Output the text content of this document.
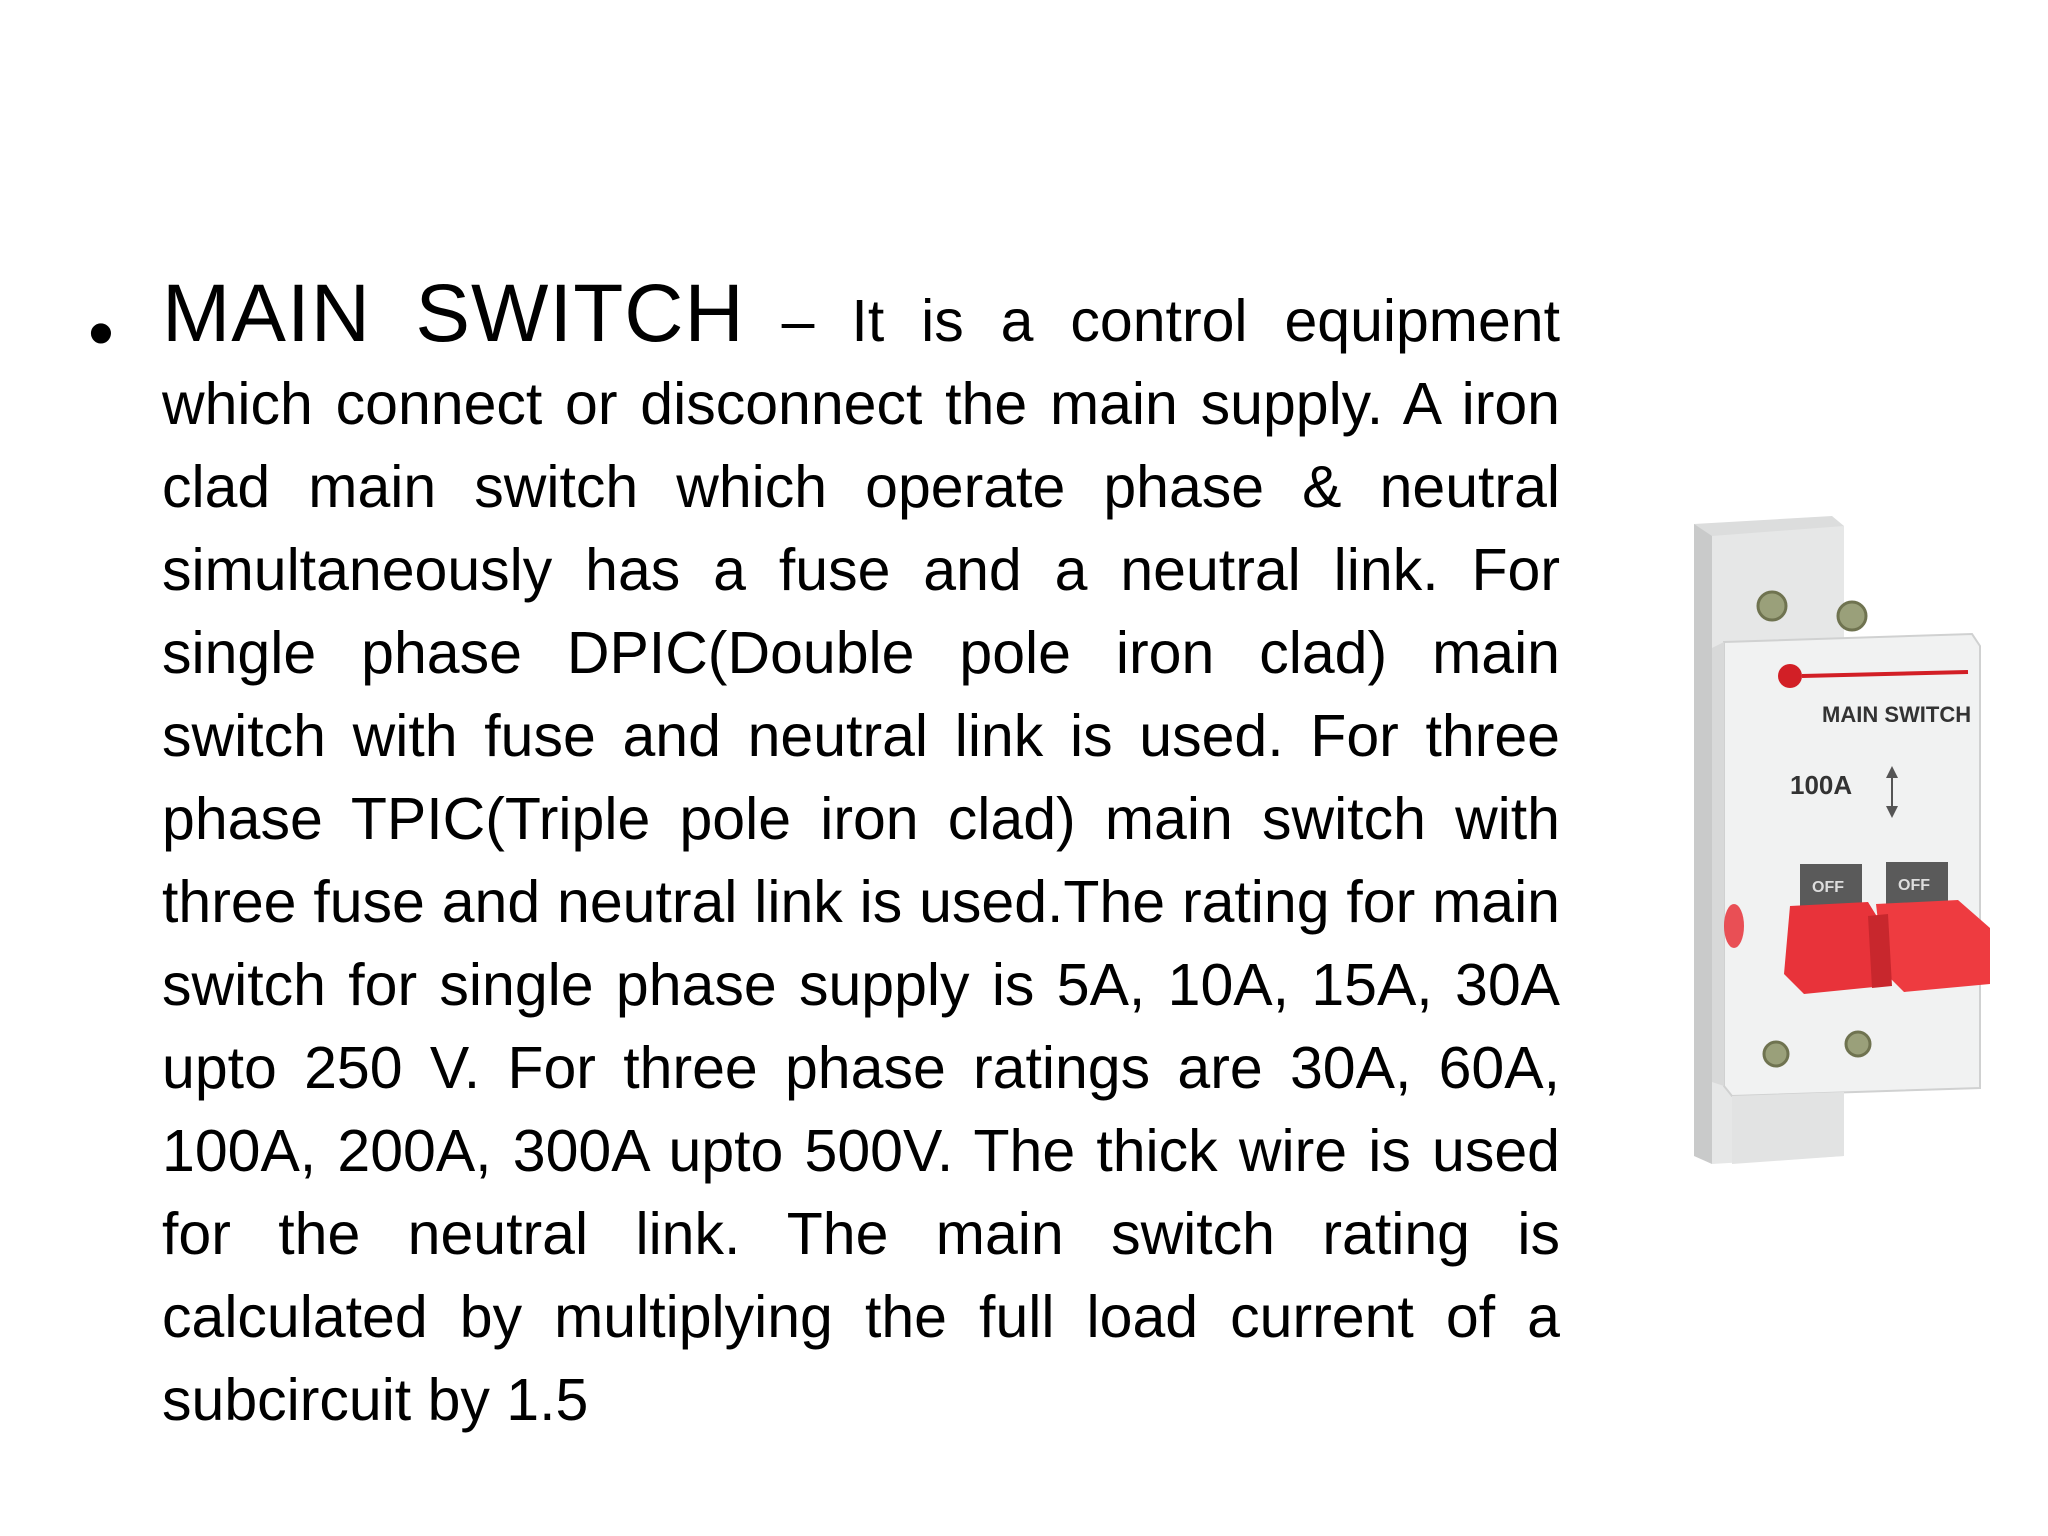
• MAIN SWITCH – It is a control equipment which connect or disconnect the main supply. A iron clad main switch which operate phase & neutral simultaneously has a fuse and a neutral link. For single phase DPIC(Double pole iron clad) main switch with fuse and neutral link is used. For three phase TPIC(Triple pole iron clad) main switch with three fuse and neutral link is used.The rating for main switch for single phase supply is 5A, 10A, 15A, 30A upto 250 V. For three phase ratings are 30A, 60A, 100A, 200A, 300A upto 500V. The thick wire is used for the neutral link. The main switch rating is calculated by multiplying the full load current of a subcircuit by 1.5
MAIN SWITCH
100A
OFF	OFF
